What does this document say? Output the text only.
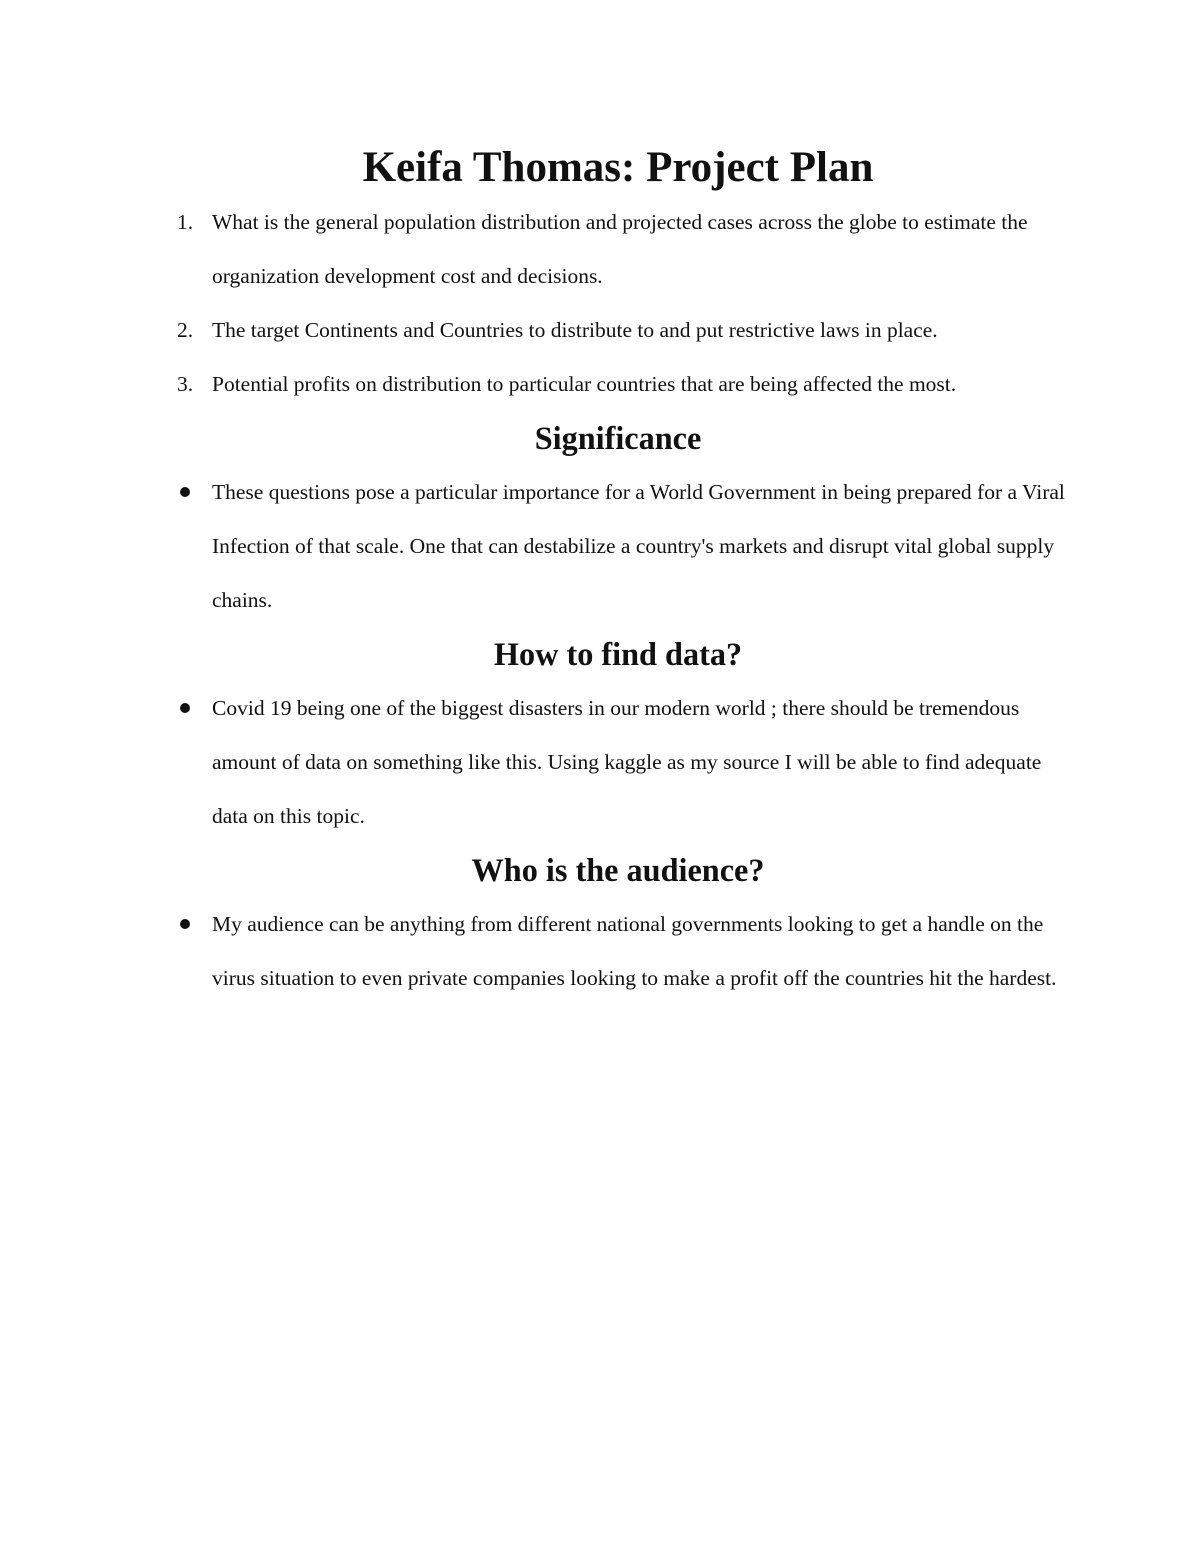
Keifa Thomas: Project Plan
1. What is the general population distribution and projected cases across the globe to estimate the organization development cost and decisions.
2. The target Continents and Countries to distribute to and put restrictive laws in place.
3. Potential profits on distribution to particular countries that are being affected the most.
Significance
These questions pose a particular importance for a World Government in being prepared for a Viral Infection of that scale. One that can destabilize a country's markets and disrupt vital global supply chains.
How to find data?
Covid 19 being one of the biggest disasters in our modern world ; there should be tremendous amount of data on something like this. Using kaggle as my source I will be able to find adequate data on this topic.
Who is the audience?
My audience can be anything from different national governments looking to get a handle on the virus situation to even private companies looking to make a profit off the countries hit the hardest.
